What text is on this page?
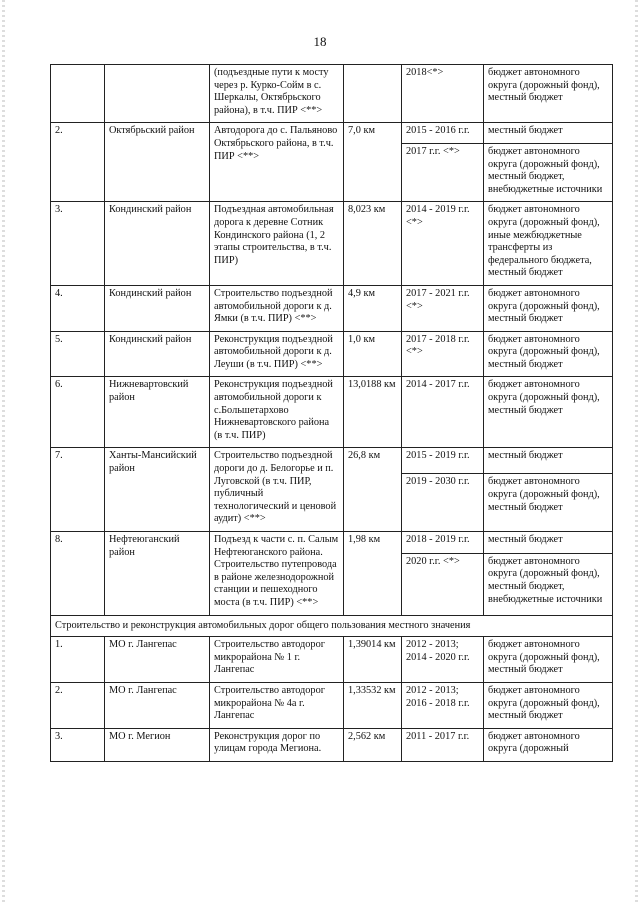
18
		(подъездные пути к мосту через р. Курко-Сойм в с. Шеркалы, Октябрьского района), в т.ч. ПИР <**>		2018<*>	бюджет автономного округа (дорожный фонд), местный бюджет
2.	Октябрьский район	Автодорога до с. Пальяново Октябрьского района, в т.ч. ПИР <**>	7,0 км	2015 - 2016 г.г.	местный бюджет
				2017 г.г. <*>	бюджет автономного округа (дорожный фонд), местный бюджет, внебюджетные источники
3.	Кондинский район	Подъездная автомобильная дорога к деревне Сотник Кондинского района (1, 2 этапы строительства, в т.ч. ПИР)	8,023 км	2014 - 2019 г.г. <*>	бюджет автономного округа (дорожный фонд), иные межбюджетные трансферты из федерального бюджета, местный бюджет
4.	Кондинский район	Строительство подъездной автомобильной дороги к д. Ямки (в т.ч. ПИР) <**>	4,9 км	2017 - 2021 г.г. <*>	бюджет автономного округа (дорожный фонд), местный бюджет
5.	Кондинский район	Реконструкция подъездной автомобильной дороги к д. Леуши (в т.ч. ПИР) <**>	1,0 км	2017 - 2018 г.г. <*>	бюджет автономного округа (дорожный фонд), местный бюджет
6.	Нижневартовский район	Реконструкция подъездной автомобильной дороги к с.Большетархово Нижневартовского района (в т.ч. ПИР)	13,0188 км	2014 - 2017 г.г.	бюджет автономного округа (дорожный фонд), местный бюджет
7.	Ханты-Мансийский район	Строительство подъездной дороги до д. Белогорье и п. Луговской (в т.ч. ПИР, публичный технологический и ценовой аудит) <**>	26,8 км	2015 - 2019 г.г.	местный бюджет
				2019 - 2030 г.г.	бюджет автономного округа (дорожный фонд), местный бюджет
8.	Нефтеюганский район	Подъезд к части с. п. Салым Нефтеюганского района. Строительство путепровода в районе железнодорожной станции и пешеходного моста (в т.ч. ПИР) <**>	1,98 км	2018 - 2019 г.г.	местный бюджет
				2020 г.г. <*>	бюджет автономного округа (дорожный фонд), местный бюджет, внебюджетные источники
Строительство и реконструкция автомобильных дорог общего пользования местного значения					
1.	МО г. Лангепас	Строительство автодорог микрорайона № 1 г. Лангепас	1,39014 км	2012 - 2013; 2014 - 2020 г.г.	бюджет автономного округа (дорожный фонд), местный бюджет
2.	МО г. Лангепас	Строительство автодорог микрорайона № 4а г. Лангепас	1,33532 км	2012 - 2013; 2016 - 2018 г.г.	бюджет автономного округа (дорожный фонд), местный бюджет
3.	МО г. Мегион	Реконструкция дорог по улицам города Мегиона.	2,562 км	2011 - 2017 г.г.	бюджет автономного округа (дорожный
